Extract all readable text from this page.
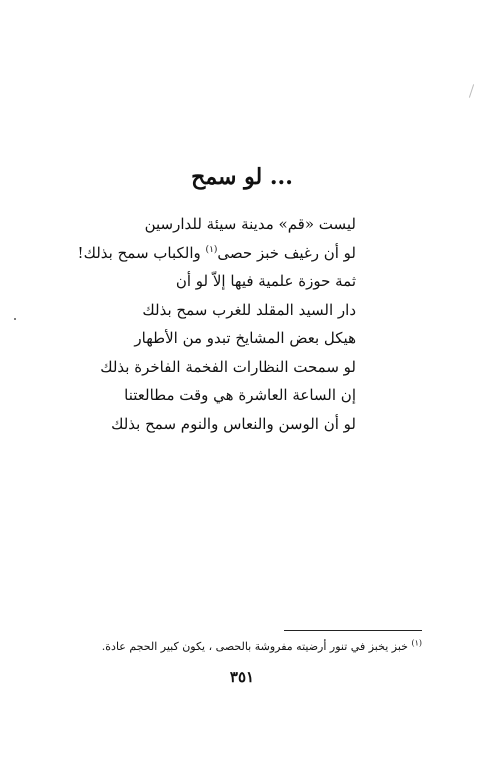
... لو سمح
ليست «قم» مدينة سيئة للدارسين
لو أن رغيف خبز حصى$^{(١)}$ والكباب سمح بذلك!
ثمة حوزة علمية فيها إلاّ لو أن
دار السيد المقلد للغرب سمح بذلك
هيكل بعض المشايخ تبدو من الأطهار
لو سمحت النظارات الفخمة الفاخرة بذلك
إن الساعة العاشرة هي وقت مطالعتنا
لو أن الوسن والنعاس والنوم سمح بذلك
$^{(١)}$ خبز يخبز في تنور أرضيته مفروشة بالحصى ، يكون كبير الحجم عادة.
٣٥١
